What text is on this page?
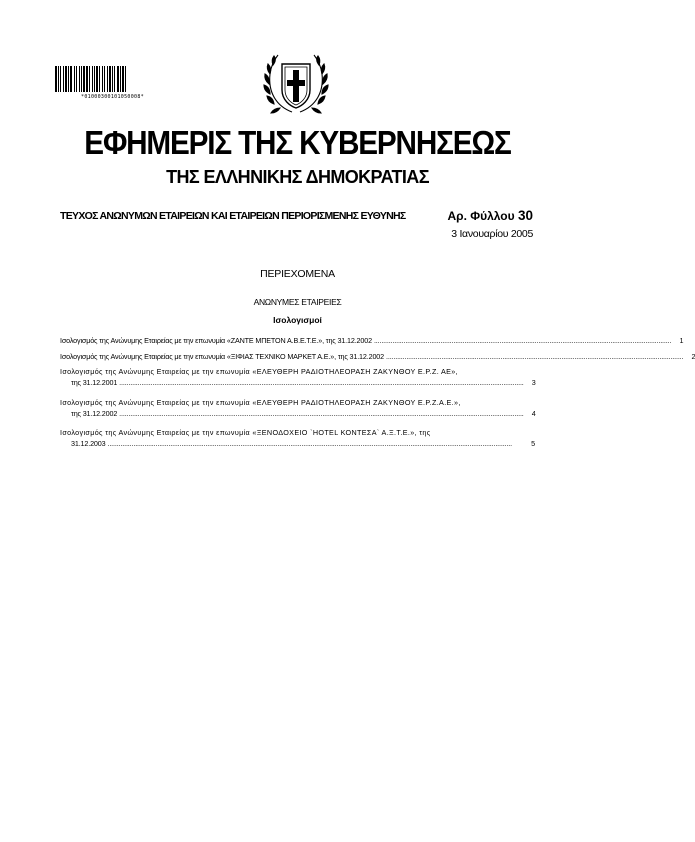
*01000300101050008*
ΕΦΗΜΕΡΙΣ ΤΗΣ ΚΥΒΕΡΝΗΣΕΩΣ
ΤΗΣ ΕΛΛΗΝΙΚΗΣ ΔΗΜΟΚΡΑΤΙΑΣ
ΤΕΥΧΟΣ ΑΝΩΝΥΜΩΝ ΕΤΑΙΡΕΙΩΝ ΚΑΙ ΕΤΑΙΡΕΙΩΝ ΠΕΡΙΟΡΙΣΜΕΝΗΣ ΕΥΘΥΝΗΣ	Αρ. Φύλλου 30
3 Ιανουαρίου 2005
ΠΕΡΙΕΧΟΜΕΝΑ
ΑΝΩΝΥΜΕΣ ΕΤΑΙΡΕΙΕΣ
Ισολογισμοί
Ισολογισμός της Ανώνυμης Εταιρείας με την επωνυμία «ΖΑΝΤΕ ΜΠΕΤΟΝ Α.Β.Ε.Τ.Ε.», της 31.12.2002 .................................................................................................................................................................	1
Ισολογισμός της Ανώνυμης Εταιρείας με την επωνυμία «ΞΙΦΙΑΣ ΤΕΧΝΙΚΟ ΜΑΡΚΕΤ Α.Ε.», της 31.12.2002 .................................................................................................................................................................	2
Ισολογισμός της Ανώνυμης Εταιρείας με την επωνυμία «ΕΛΕΥΘΕΡΗ ΡΑΔΙΟΤΗΛΕΟΡΑΣΗ ΖΑΚΥΝΘΟΥ Ε.Ρ.Ζ. ΑΕ»,
της 31.12.2001 ...........................................................................................................................................................................................................................	3
Ισολογισμός της Ανώνυμης Εταιρείας με την επωνυμία «ΕΛΕΥΘΕΡΗ ΡΑΔΙΟΤΗΛΕΟΡΑΣΗ ΖΑΚΥΝΘΟΥ Ε.Ρ.Ζ.Α.Ε.»,
της 31.12.2002 ...........................................................................................................................................................................................................................	4
Ισολογισμός της Ανώνυμης Εταιρείας με την επωνυμία «ΞΕΝΟΔΟΧΕΙΟ `HOTEL ΚΟΝΤΕΣΑ` Α.Ξ.Τ.Ε.», της
31.12.2003 ...........................................................................................................................................................................................................................	5
